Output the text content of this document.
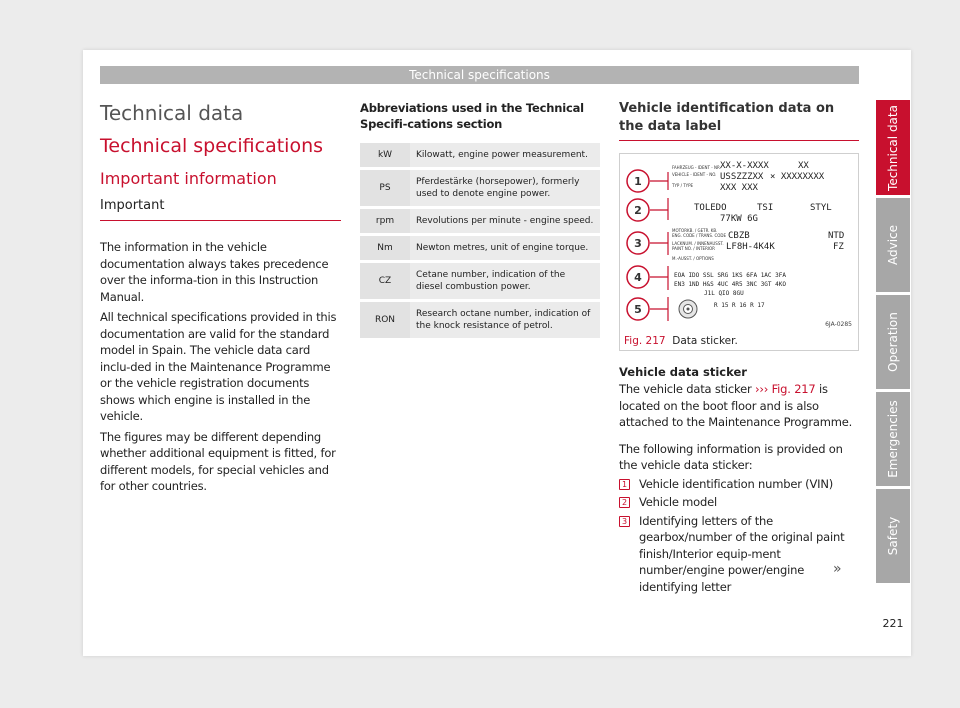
Technical specifications
Technical data
Technical specifications
Important information
Important

The information in the vehicle documentation always takes precedence over the informa-tion in this Instruction Manual.

All technical specifications provided in this documentation are valid for the standard model in Spain. The vehicle data card inclu-ded in the Maintenance Programme or the vehicle registration documents shows which engine is installed in the vehicle.

The figures may be different depending whether additional equipment is fitted, for different models, for special vehicles and for other countries.

Abbreviations used in the Technical Specifi-cations section
kW	Kilowatt, engine power measurement.
PS	Pferdestärke (horsepower), formerly used to denote engine power.
rpm	Revolutions per minute - engine speed.
Nm	Newton metres, unit of engine torque.
CZ	Cetane number, indication of the diesel combustion power.
RON	Research octane number, indication of the knock resistance of petrol.
Vehicle identification data on the data label
1
2
3
4
5
FAHRZEUG - IDENT - NR.
VEHICLE - IDENT - NO.
TYP / TYPE
MOTORKB. / GETR. KB.
ENG. CODE / TRANS. CODE
LACKNUM. / INNENAUSST.
PAINT NO. / INTERIOR
M.-AUSST. / OPTIONS
XX-X-XXXX	XX
USSZZZXX × XXXXXXXX
XXX XXX
TOLEDO	TSI	STYL
77KW 6G
CBZB	NTD
LF8H-4K4K	FZ
EOA IDO SSL SRG 1KS 6FA 1AC 3FA
EN3 1ND H&S 4UC 4R5 3NC 3GT 4KO
J1L QIO 8GU
R 15 R 16 R 17
6JA-0285
Fig. 217 Data sticker.
Vehicle data sticker

The vehicle data sticker ››› Fig. 217 is located on the boot floor and is also attached to the Maintenance Programme.

The following information is provided on the vehicle data sticker:

1 Vehicle identification number (VIN)
2 Vehicle model
3 Identifying letters of the gearbox/number of the original paint finish/Interior equip-ment number/engine power/engine identifying letter
»
Technical data
Advice
Operation
Emergencies
Safety
221
